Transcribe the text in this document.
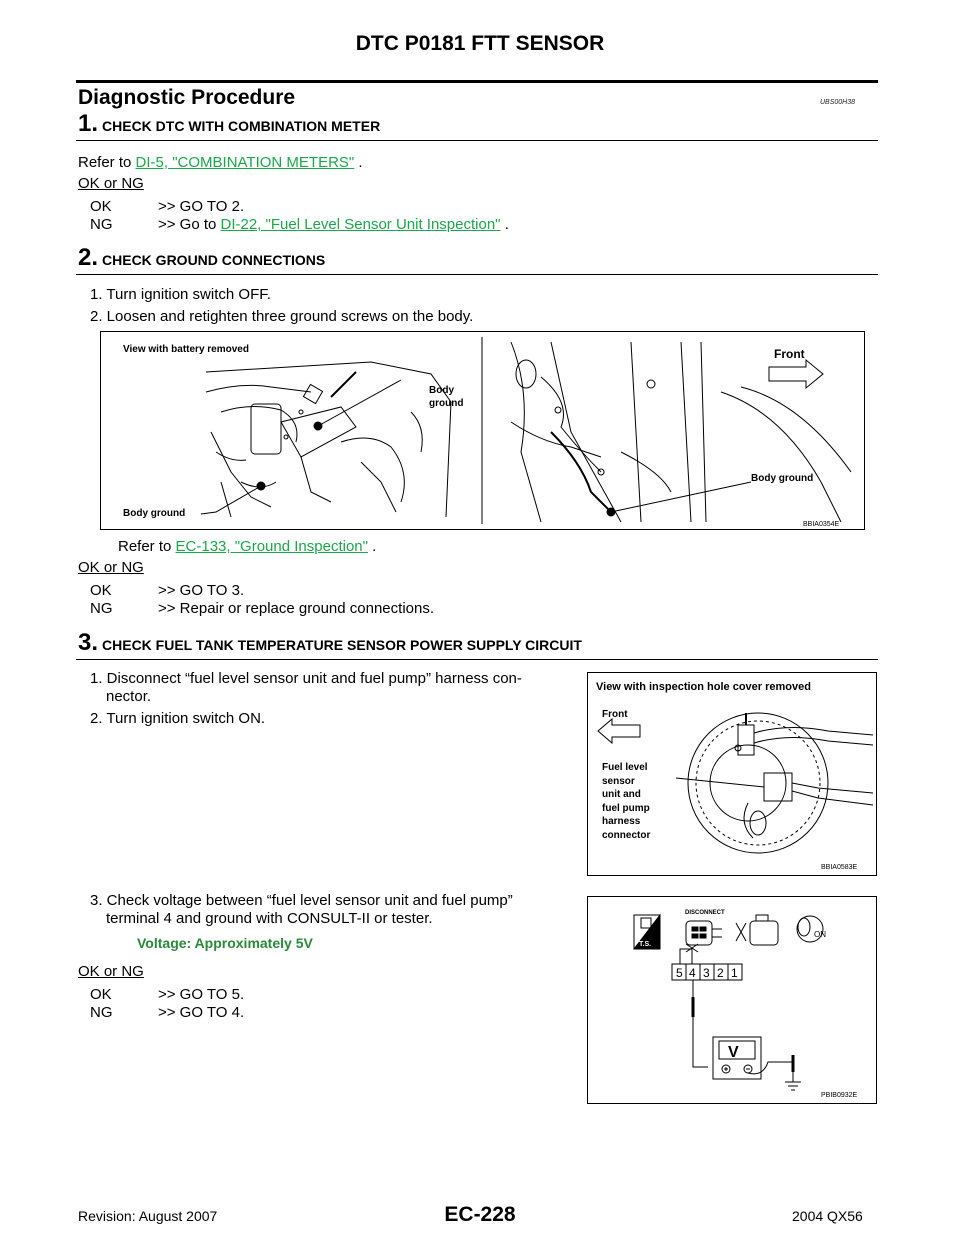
DTC P0181 FTT SENSOR
Diagnostic Procedure	UBS00H38
1. CHECK DTC WITH COMBINATION METER
Refer to DI-5, "COMBINATION METERS" .
OK or NG
OK	>> GO TO 2.
NG	>> Go to DI-22, "Fuel Level Sensor Unit Inspection" .
2. CHECK GROUND CONNECTIONS
1. Turn ignition switch OFF.
2. Loosen and retighten three ground screws on the body.
View with battery removed
Body
ground
Body ground
Front
Body ground
BBIA0354E
Refer to EC-133, "Ground Inspection" .
OK or NG
OK	>> GO TO 3.
NG	>> Repair or replace ground connections.
3. CHECK FUEL TANK TEMPERATURE SENSOR POWER SUPPLY CIRCUIT
1. Disconnect “fuel level sensor unit and fuel pump” harness con-
nector.
2. Turn ignition switch ON.
View with inspection hole cover removed
Front
Fuel level
sensor
unit and
fuel pump
harness
connector
BBIA0583E
3. Check voltage between “fuel level sensor unit and fuel pump”
terminal 4 and ground with CONSULT-II or tester.
Voltage: Approximately 5V
DISCONNECT
T.S.
ON
5 4 3 2 1
V
PBIB0932E
OK or NG
OK	>> GO TO 5.
NG	>> GO TO 4.
Revision: August 2007	EC-228	2004 QX56
